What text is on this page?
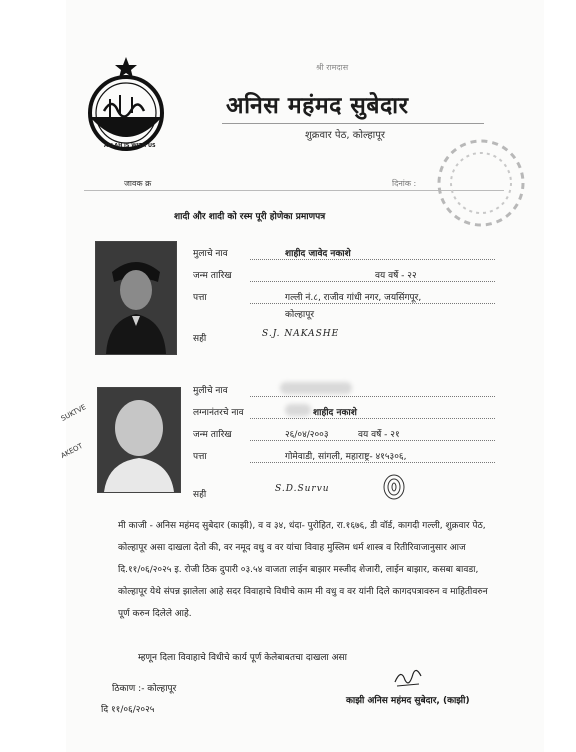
ALLAH IS WITH US
श्री रामदास
अनिस महंमद सुबेदार
शुक्रवार पेठ, कोल्हापूर
जावक क्र	दिनांक :
शादी और शादी को रस्म पूरी होणेका प्रमाणपत्र
मुलाचे नाव	शाहीद जावेद नकाशे
जन्म तारिख	वय वर्षे - २२
पत्ता	गल्ली नं.८, राजीव गांधी नगर, जयसिंगपूर,
कोल्हापूर
सही	S.J. NAKASHE
मुलीचे नाव
लग्नानंतरचे नाव	शाहीद नकाशे
जन्म तारिख	२६/०४/२००३	वय वर्षे - २१
पत्ता	गोमेवाडी, सांगली, महाराष्ट्र- ४१५३०६,
सही
S.D.Survu
SUKTVE
AKEOT
मी काजी - अनिस महंमद सुबेदार (काझी), व व ३४, धंदा- पुरोहित, रा.१६७६, डी वॉर्ड, कागदी गल्ली, शुक्रवार पेठ, कोल्हापूर असा दाखला देतो की, वर नमूद वधु व वर यांचा विवाह मुस्लिम धर्म शास्त्र व रितीरिवाजानुसार आज दि.११/०६/२०२५ इ. रोजी ठिक दुपारी ०३.५४ वाजता लाईन बाझार मस्जीद शेजारी, लाईन बाझार, कसबा बावडा, कोल्हापूर येथे संपन्न झालेला आहे सदर विवाहाचे विधीचे काम मी वधु व वर यांनी दिले कागदपत्रावरुन व माहितीवरुन पूर्ण करुन दिलेले आहे.
म्हणून दिला विवाहाचे विधीचे कार्य पूर्ण केलेबाबतचा दाखला असा
ठिकाण :- कोल्हापूर
दि ११/०६/२०२५
काझी अनिस महंमद सुबेदार, (काझी)
